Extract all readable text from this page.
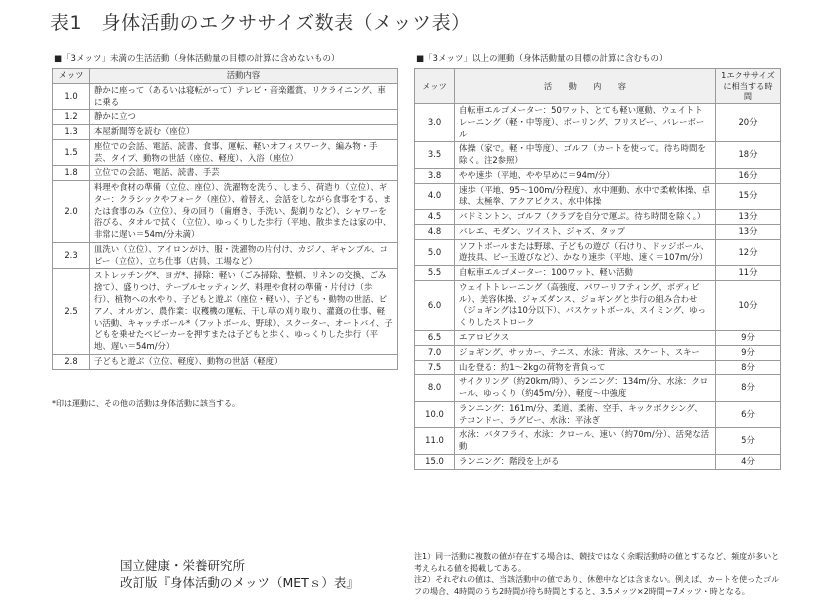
表1　身体活動のエクササイズ数表（メッツ表）
■「3メッツ」未満の生活活動（身体活動量の目標の計算に含めないもの）
メッツ	活動内容
1.0	静かに座って（あるいは寝転がって）テレビ・音楽鑑賞、リクライニング、車に乗る
1.2	静かに立つ
1.3	本屋新聞等を読む（座位）
1.5	座位での会話、電話、読書、食事、運転、軽いオフィスワーク、編み物・手芸、タイプ、動物の世話（座位、軽度）、入浴（座位）
1.8	立位での会話、電話、読書、手芸
2.0	料理や食材の準備（立位、座位）、洗濯物を洗う、しまう、荷造り（立位）、ギター：クラシックやフォーク（座位）、着替え、会話をしながら食事をする、または食事のみ（立位）、身の回り（歯磨き、手洗い、髭剃りなど）、シャワーを浴びる、タオルで拭く（立位）、ゆっくりした歩行（平地、散歩または家の中、非常に遅い＝54m/分未満）
2.3	皿洗い（立位）、アイロンがけ、服・洗濯物の片付け、カジノ、ギャンブル、コピー（立位）、立ち仕事（店員、工場など）
2.5	ストレッチング*、ヨガ*、掃除：軽い（ごみ掃除、整頓、リネンの交換、ごみ捨て）、盛りつけ、テーブルセッティング、料理や食材の準備・片付け（歩行）、植物への水やり、子どもと遊ぶ（座位・軽い）、子ども・動物の世話、ピアノ、オルガン、農作業：収穫機の運転、干し草の刈り取り、灌漑の仕事、軽い活動、キャッチボール*（フットボール、野球）、スクーター、オートバイ、子どもを乗せたベビーカーを押すまたは子どもと歩く、ゆっくりした歩行（平地、遅い＝54m/分）
2.8	子どもと遊ぶ（立位、軽度）、動物の世話（軽度）
*印は運動に、その他の活動は身体活動に該当する。
■「3メッツ」以上の運動（身体活動量の目標の計算に含むもの）
メッツ	活　　動　　内　　容	1エクササイズに相当する時間
3.0	自転車エルゴメーター：50ワット、とても軽い運動、ウェイトトレーニング（軽・中等度）、ボーリング、フリスビー、バレーボール	20分
3.5	体操（家で。軽・中等度）、ゴルフ（カートを使って。待ち時間を除く。注2参照）	18分
3.8	やや速歩（平地、やや早めに＝94m/分）	16分
4.0	速歩（平地、95～100m/分程度）、水中運動、水中で柔軟体操、卓球、太極拳、アクアビクス、水中体操	15分
4.5	バドミントン、ゴルフ（クラブを自分で運ぶ。待ち時間を除く。）	13分
4.8	バレエ、モダン、ツイスト、ジャズ、タップ	13分
5.0	ソフトボールまたは野球、子どもの遊び（石けり、ドッジボール、遊技具、ビー玉遊びなど）、かなり速歩（平地、速く＝107m/分）	12分
5.5	自転車エルゴメーター：100ワット、軽い活動	11分
6.0	ウェイトトレーニング（高強度、パワーリフティング、ボディビル）、美容体操、ジャズダンス、ジョギングと歩行の組み合わせ（ジョギングは10分以下）、バスケットボール、スイミング、ゆっくりしたストローク	10分
6.5	エアロビクス	9分
7.0	ジョギング、サッカー、テニス、水泳：背泳、スケート、スキー	9分
7.5	山を登る：約1～2kgの荷物を背負って	8分
8.0	サイクリング（約20km/時）、ランニング：134m/分、水泳：クロール、ゆっくり（約45m/分）、軽度～中強度	8分
10.0	ランニング：161m/分、柔道、柔術、空手、キックボクシング、テコンドー、ラグビー、水泳：平泳ぎ	6分
11.0	水泳：バタフライ、水泳：クロール、速い（約70m/分）、活発な活動	5分
15.0	ランニング：階段を上がる	4分
注1）同一活動に複数の値が存在する場合は、競技ではなく余暇活動時の値とするなど、頻度が多いと考えられる値を掲載してある。
注2）それぞれの値は、当該活動中の値であり、休憩中などは含まない。例えば、カートを使ったゴルフの場合、4時間のうち2時間が待ち時間とすると、3.5メッツ×2時間＝7メッツ・時となる。
国立健康・栄養研究所
改訂版『身体活動のメッツ（METｓ）表』
